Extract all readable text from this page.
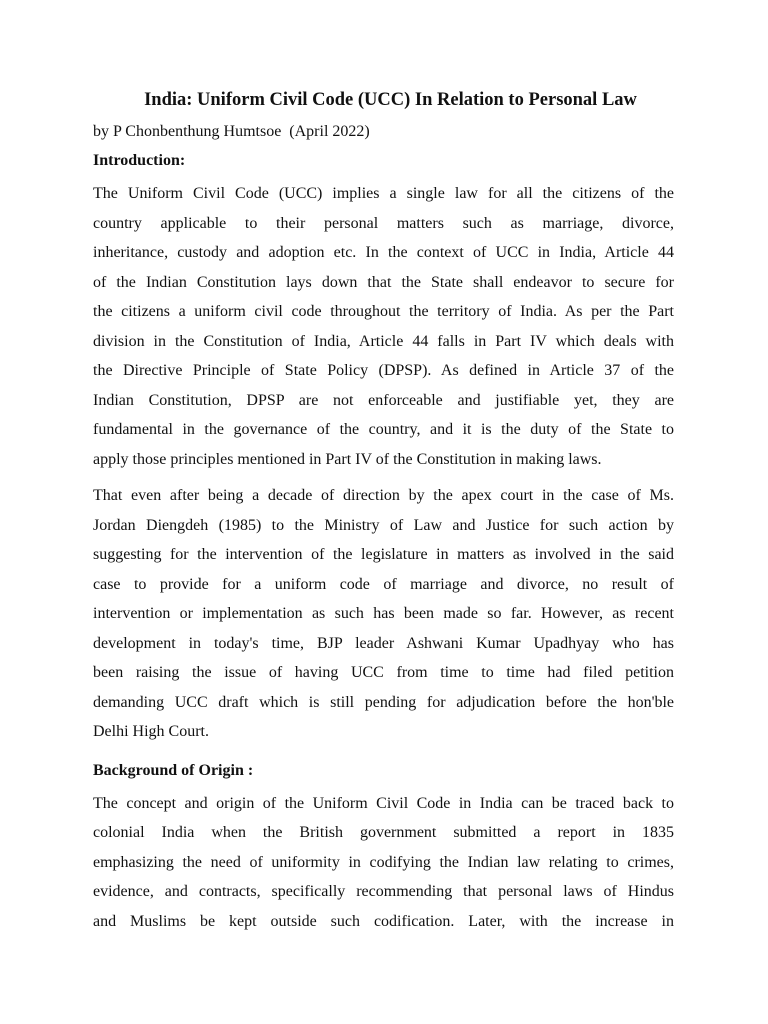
India: Uniform Civil Code (UCC) In Relation to Personal Law
by P Chonbenthung Humtsoe  (April 2022)
Introduction:
The Uniform Civil Code (UCC) implies a single law for all the citizens of the
country applicable to their personal matters such as marriage, divorce,
inheritance, custody and adoption etc. In the context of UCC in India, Article 44
of the Indian Constitution lays down that the State shall endeavor to secure for
the citizens a uniform civil code throughout the territory of India. As per the Part
division in the Constitution of India, Article 44 falls in Part IV which deals with
the Directive Principle of State Policy (DPSP). As defined in Article 37 of the
Indian Constitution, DPSP are not enforceable and justifiable yet, they are
fundamental in the governance of the country, and it is the duty of the State to
apply those principles mentioned in Part IV of the Constitution in making laws.
That even after being a decade of direction by the apex court in the case of Ms.
Jordan Diengdeh (1985) to the Ministry of Law and Justice for such action by
suggesting for the intervention of the legislature in matters as involved in the said
case to provide for a uniform code of marriage and divorce, no result of
intervention or implementation as such has been made so far. However, as recent
development in today's time, BJP leader Ashwani Kumar Upadhyay who has
been raising the issue of having UCC from time to time had filed petition
demanding UCC draft which is still pending for adjudication before the hon'ble
Delhi High Court.
Background of Origin :
The concept and origin of the Uniform Civil Code in India can be traced back to
colonial India when the British government submitted a report in 1835
emphasizing the need of uniformity in codifying the Indian law relating to crimes,
evidence, and contracts, specifically recommending that personal laws of Hindus
and Muslims be kept outside such codification. Later, with the increase in
